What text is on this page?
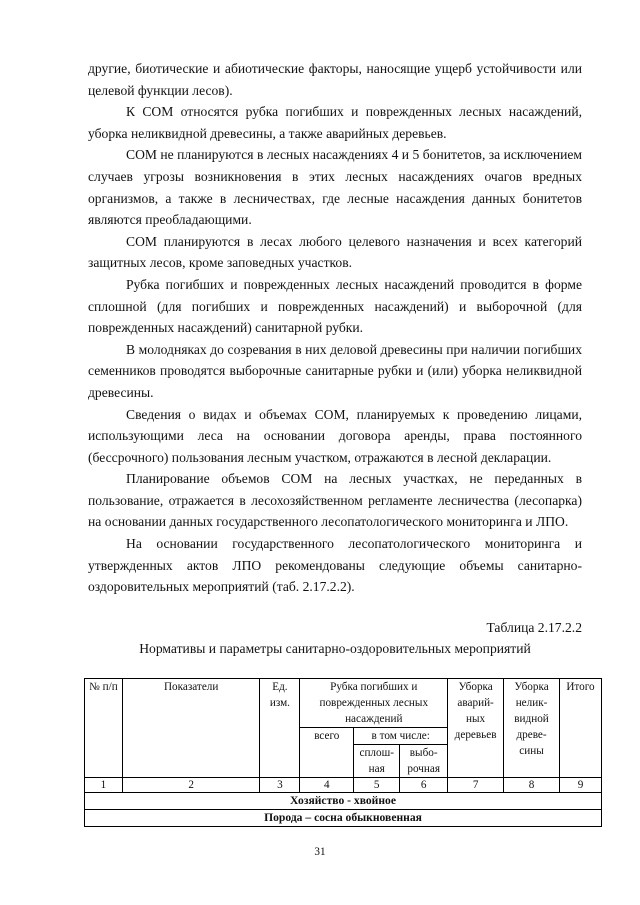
другие, биотические и абиотические факторы, наносящие ущерб устойчивости или целевой функции лесов).

К СОМ относятся рубка погибших и поврежденных лесных насаждений, уборка неликвидной древесины, а также аварийных деревьев.

СОМ не планируются в лесных насаждениях 4 и 5 бонитетов, за исключением случаев угрозы возникновения в этих лесных насаждениях очагов вредных организмов, а также в лесничествах, где лесные насаждения данных бонитетов являются преобладающими.

СОМ планируются в лесах любого целевого назначения и всех категорий защитных лесов, кроме заповедных участков.

Рубка погибших и поврежденных лесных насаждений проводится в форме сплошной (для погибших и поврежденных насаждений) и выборочной (для поврежденных насаждений) санитарной рубки.

В молодняках до созревания в них деловой древесины при наличии погибших семенников проводятся выборочные санитарные рубки и (или) уборка неликвидной древесины.

Сведения о видах и объемах СОМ, планируемых к проведению лицами, использующими леса на основании договора аренды, права постоянного (бессрочного) пользования лесным участком, отражаются в лесной декларации.

Планирование объемов СОМ на лесных участках, не переданных в пользование, отражается в лесохозяйственном регламенте лесничества (лесопарка) на основании данных государственного лесопатологического мониторинга и ЛПО.

На основании государственного лесопатологического мониторинга и утвержденных актов ЛПО рекомендованы следующие объемы санитарно-оздоровительных мероприятий (таб. 2.17.2.2).

Таблица 2.17.2.2
Нормативы и параметры санитарно-оздоровительных мероприятий
№ п/п	Показатели	Ед. изм.	Рубка погибших и поврежденных лесных насаждений			Уборка аварий-ных деревьев	Уборка нелик-видной древе-сины	Итого
			всего	в том числе:				
				сплош-ная	выбо-рочная			
1	2	3	4	5	6	7	8	9
Хозяйство - хвойное								
Порода – сосна обыкновенная								
31
